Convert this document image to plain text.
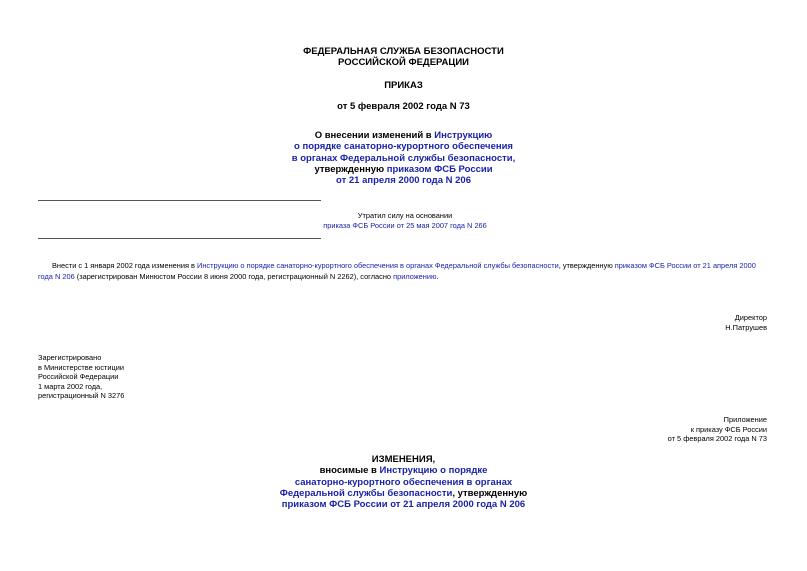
ФЕДЕРАЛЬНАЯ СЛУЖБА БЕЗОПАСНОСТИ
РОССИЙСКОЙ ФЕДЕРАЦИИ
ПРИКАЗ
от 5 февраля 2002 года N 73
О внесении изменений в Инструкцию
о порядке санаторно-курортного обеспечения
в органах Федеральной службы безопасности,
утвержденную приказом ФСБ России
от 21 апреля 2000 года N 206
Утратил силу на основании
приказа ФСБ России от 25 мая 2007 года N 266
Внести с 1 января 2002 года изменения в Инструкцию о порядке санаторно-курортного обеспечения в органах Федеральной службы безопасности, утвержденную приказом ФСБ России от 21 апреля 2000 года N 206 (зарегистрирован Минюстом России 8 июня 2000 года, регистрационный N 2262), согласно приложению.
Директор
Н.Патрушев
Зарегистрировано
в Министерстве юстиции
Российской Федерации
1 марта 2002 года,
регистрационный N 3276
Приложение
к приказу ФСБ России
от 5 февраля 2002 года N 73
ИЗМЕНЕНИЯ,
вносимые в Инструкцию о порядке
санаторно-курортного обеспечения в органах
Федеральной службы безопасности, утвержденную
приказом ФСБ России от 21 апреля 2000 года N 206
